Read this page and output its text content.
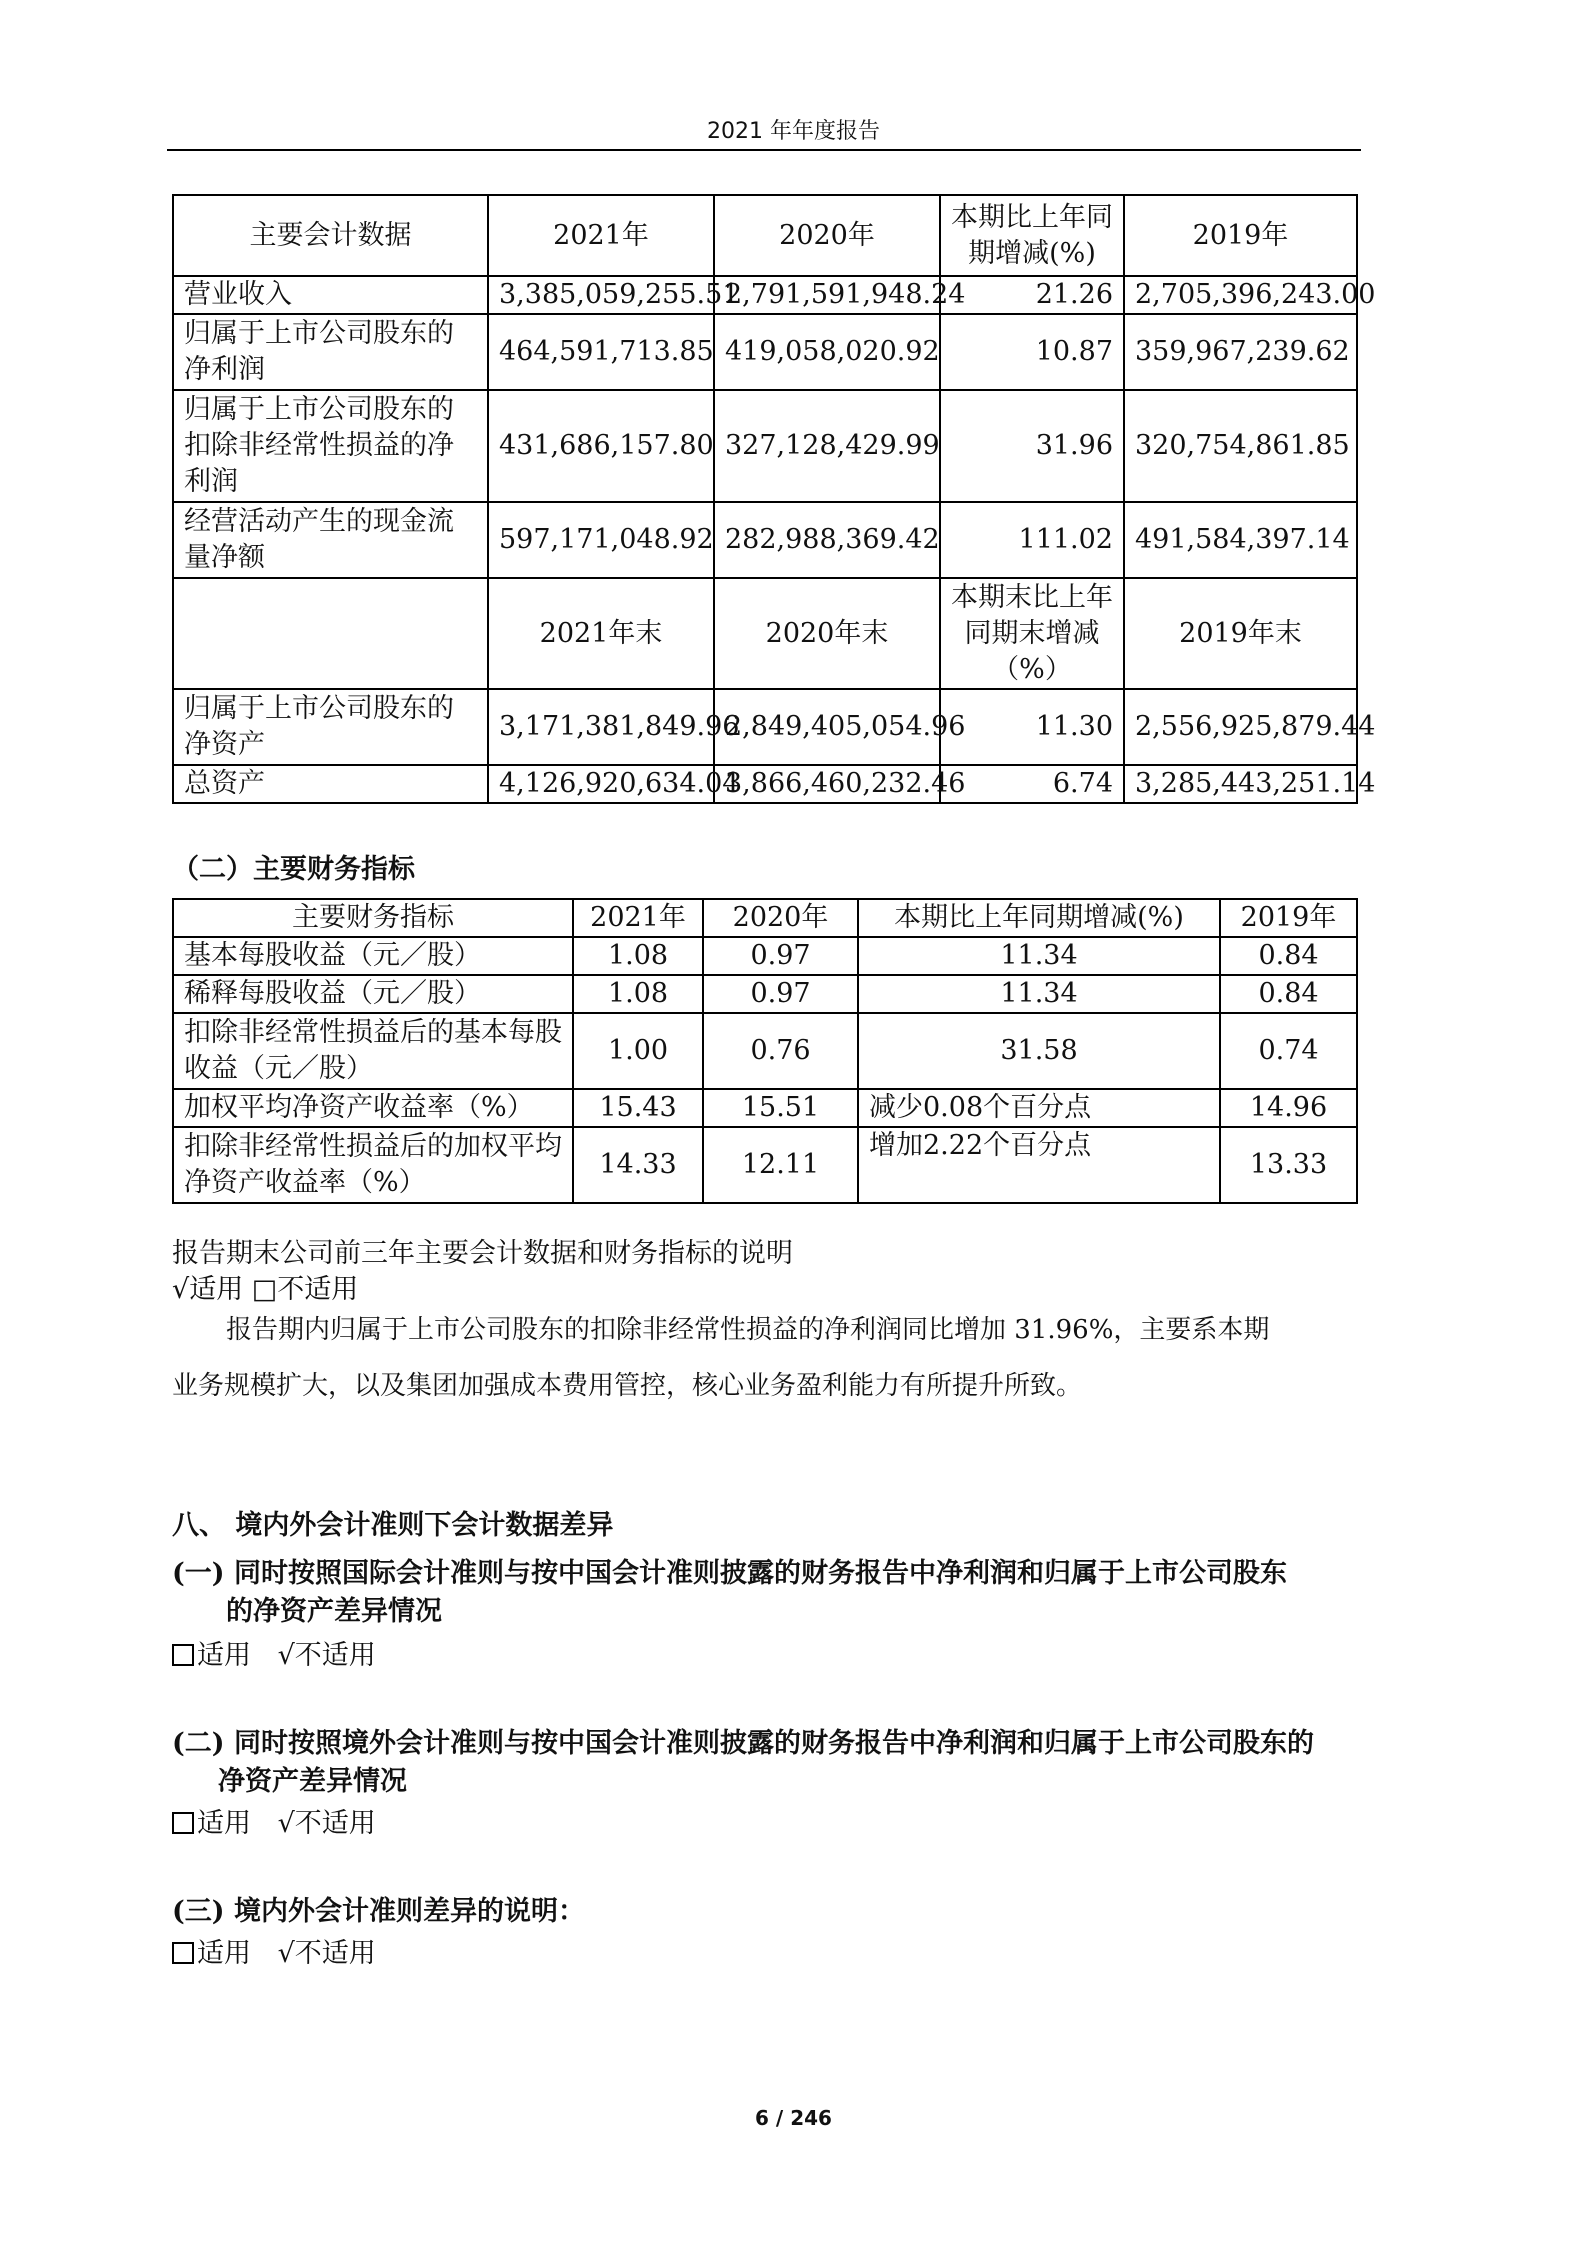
2021 年年度报告
主要会计数据	2021年	2020年	本期比上年同期增减(%)	2019年
营业收入	3,385,059,255.51	2,791,591,948.24	21.26	2,705,396,243.00
归属于上市公司股东的净利润	464,591,713.85	419,058,020.92	10.87	359,967,239.62
归属于上市公司股东的扣除非经常性损益的净利润	431,686,157.80	327,128,429.99	31.96	320,754,861.85
经营活动产生的现金流量净额	597,171,048.92	282,988,369.42	111.02	491,584,397.14
	2021年末	2020年末	本期末比上年同期末增减（%）	2019年末
归属于上市公司股东的净资产	3,171,381,849.96	2,849,405,054.96	11.30	2,556,925,879.44
总资产	4,126,920,634.04	3,866,460,232.46	6.74	3,285,443,251.14
（二）主要财务指标
主要财务指标	2021年	2020年	本期比上年同期增减(%)	2019年
基本每股收益（元／股）	1.08	0.97	11.34	0.84
稀释每股收益（元／股）	1.08	0.97	11.34	0.84
扣除非经常性损益后的基本每股收益（元／股）	1.00	0.76	31.58	0.74
加权平均净资产收益率（%）	15.43	15.51	减少0.08个百分点	14.96
扣除非经常性损益后的加权平均净资产收益率（%）	14.33	12.11	增加2.22个百分点	13.33
报告期末公司前三年主要会计数据和财务指标的说明
√适用 □不适用
报告期内归属于上市公司股东的扣除非经常性损益的净利润同比增加 31.96%，主要系本期
业务规模扩大，以及集团加强成本费用管控，核心业务盈利能力有所提升所致。
八、 境内外会计准则下会计数据差异
(一) 同时按照国际会计准则与按中国会计准则披露的财务报告中净利润和归属于上市公司股东
的净资产差异情况
适用 √不适用
(二) 同时按照境外会计准则与按中国会计准则披露的财务报告中净利润和归属于上市公司股东的
净资产差异情况
适用 √不适用
(三) 境内外会计准则差异的说明：
适用 √不适用
6 / 246
